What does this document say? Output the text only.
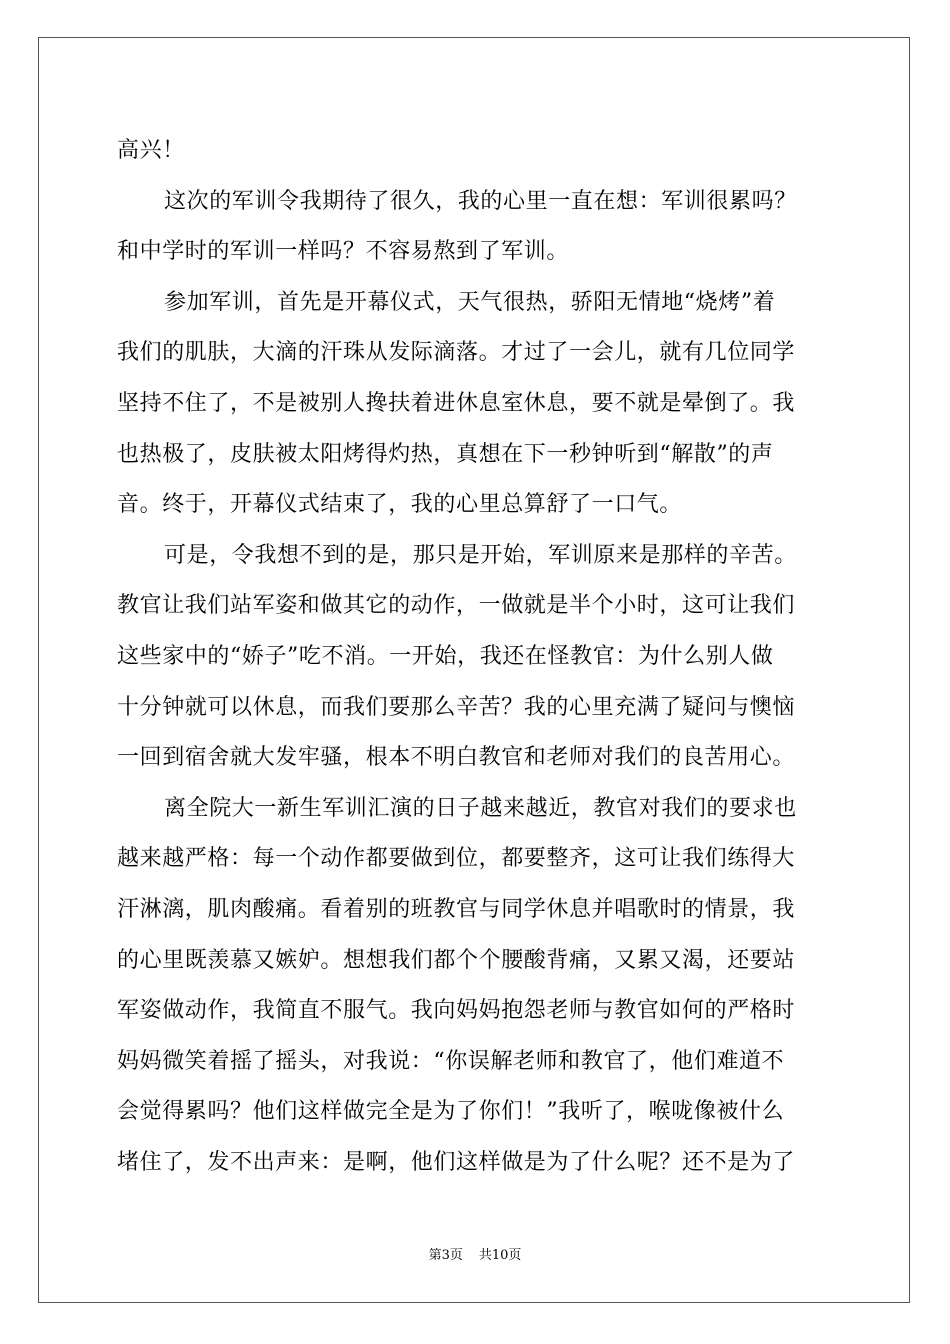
高兴！
这次的军训令我期待了很久，我的心里一直在想：军训很累吗？
和中学时的军训一样吗？不容易熬到了军训。
参加军训，首先是开幕仪式，天气很热，骄阳无情地“烧烤”着
我们的肌肤，大滴的汗珠从发际滴落。才过了一会儿，就有几位同学
坚持不住了，不是被别人搀扶着进休息室休息，要不就是晕倒了。我
也热极了，皮肤被太阳烤得灼热，真想在下一秒钟听到“解散”的声
音。终于，开幕仪式结束了，我的心里总算舒了一口气。
可是，令我想不到的是，那只是开始，军训原来是那样的辛苦。
教官让我们站军姿和做其它的动作，一做就是半个小时，这可让我们
这些家中的“娇子”吃不消。一开始，我还在怪教官：为什么别人做
十分钟就可以休息，而我们要那么辛苦？我的心里充满了疑问与懊恼
一回到宿舍就大发牢骚，根本不明白教官和老师对我们的良苦用心。
离全院大一新生军训汇演的日子越来越近，教官对我们的要求也
越来越严格：每一个动作都要做到位，都要整齐，这可让我们练得大
汗淋漓，肌肉酸痛。看着别的班教官与同学休息并唱歌时的情景，我
的心里既羡慕又嫉妒。想想我们都个个腰酸背痛，又累又渴，还要站
军姿做动作，我简直不服气。我向妈妈抱怨老师与教官如何的严格时
妈妈微笑着摇了摇头，对我说：“你误解老师和教官了，他们难道不
会觉得累吗？他们这样做完全是为了你们！”我听了，喉咙像被什么
堵住了，发不出声来：是啊，他们这样做是为了什么呢？还不是为了
第3页 共10页
